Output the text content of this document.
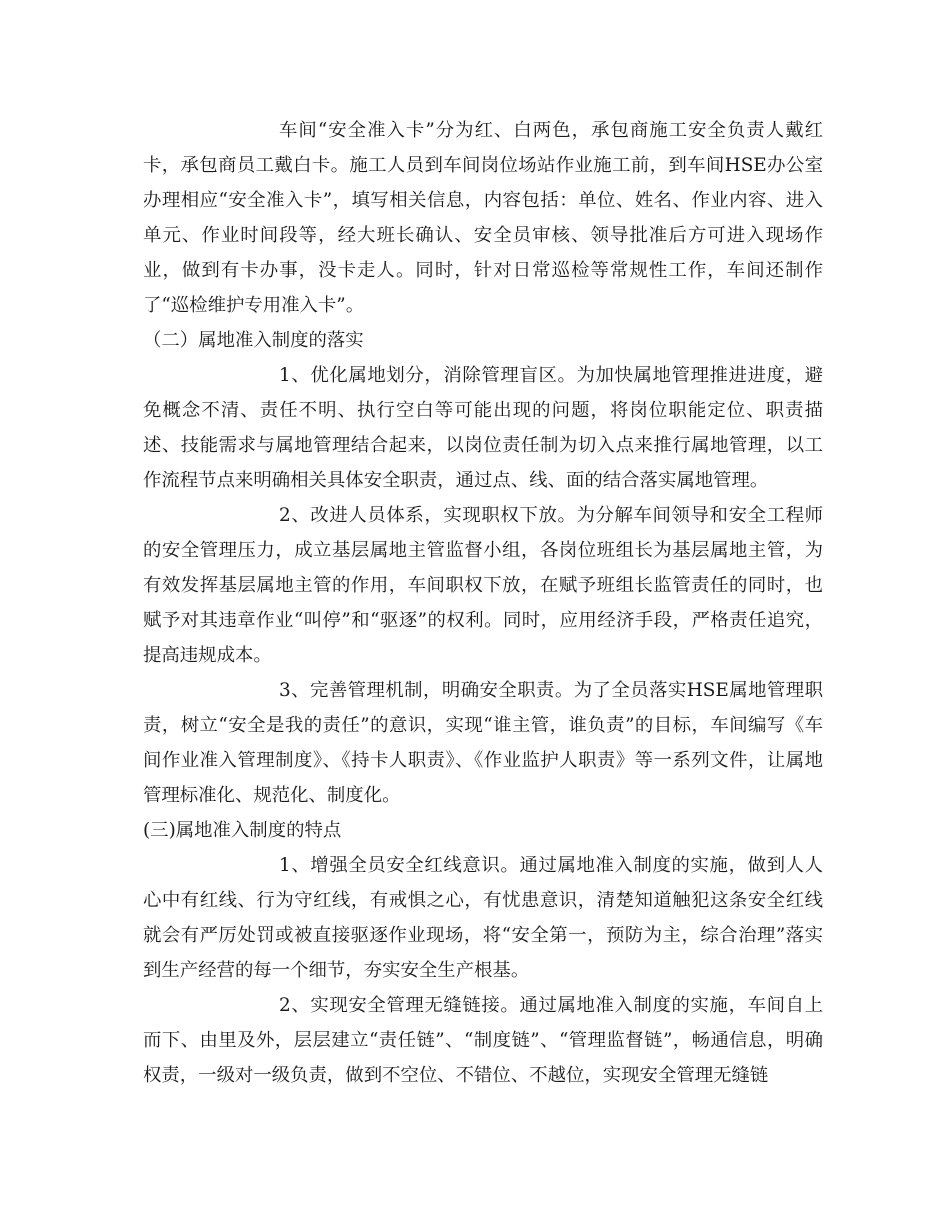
车间“安全准入卡”分为红、白两色，承包商施工安全负责人戴红卡，承包商员工戴白卡。施工人员到车间岗位场站作业施工前，到车间HSE办公室办理相应“安全准入卡”，填写相关信息，内容包括：单位、姓名、作业内容、进入单元、作业时间段等，经大班长确认、安全员审核、领导批准后方可进入现场作业，做到有卡办事，没卡走人。同时，针对日常巡检等常规性工作，车间还制作了“巡检维护专用准入卡”。

（二）属地准入制度的落实

1、优化属地划分，消除管理盲区。为加快属地管理推进进度，避免概念不清、责任不明、执行空白等可能出现的问题，将岗位职能定位、职责描述、技能需求与属地管理结合起来，以岗位责任制为切入点来推行属地管理，以工作流程节点来明确相关具体安全职责，通过点、线、面的结合落实属地管理。

2、改进人员体系，实现职权下放。为分解车间领导和安全工程师的安全管理压力，成立基层属地主管监督小组，各岗位班组长为基层属地主管，为有效发挥基层属地主管的作用，车间职权下放，在赋予班组长监管责任的同时，也赋予对其违章作业“叫停”和“驱逐”的权利。同时，应用经济手段，严格责任追究，提高违规成本。

3、完善管理机制，明确安全职责。为了全员落实HSE属地管理职责，树立“安全是我的责任”的意识，实现“谁主管，谁负责”的目标，车间编写《车间作业准入管理制度》、《持卡人职责》、《作业监护人职责》等一系列文件，让属地管理标准化、规范化、制度化。

(三)属地准入制度的特点

1、增强全员安全红线意识。通过属地准入制度的实施，做到人人心中有红线、行为守红线，有戒惧之心，有忧患意识，清楚知道触犯这条安全红线就会有严厉处罚或被直接驱逐作业现场，将“安全第一，预防为主，综合治理”落实到生产经营的每一个细节，夯实安全生产根基。

2、实现安全管理无缝链接。通过属地准入制度的实施，车间自上而下、由里及外，层层建立“责任链”、“制度链”、“管理监督链”，畅通信息，明确权责，一级对一级负责，做到不空位、不错位、不越位，实现安全管理无缝链
